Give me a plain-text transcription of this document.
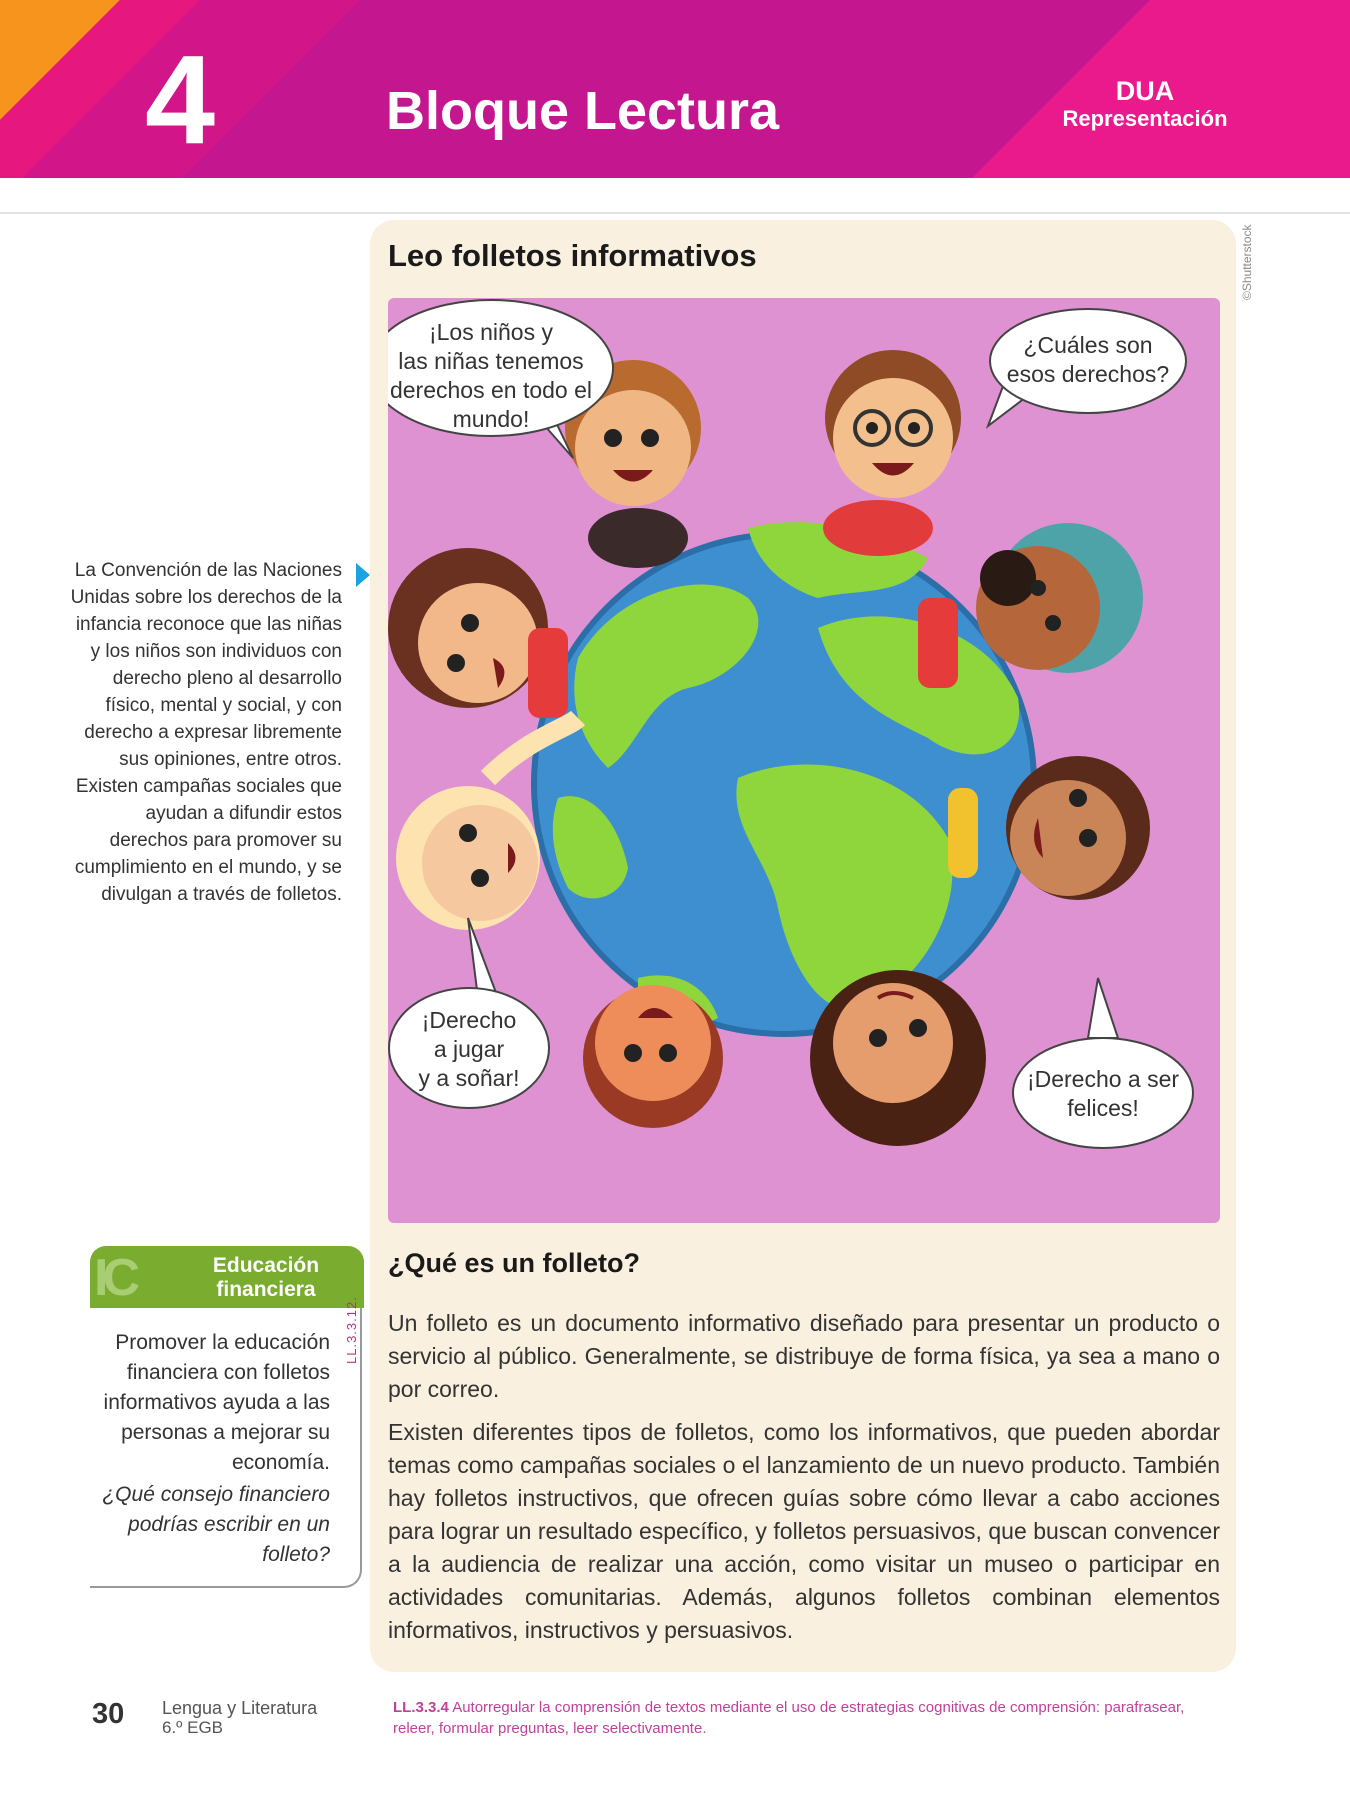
4	Bloque Lectura	DUA
Representación
Leo folletos informativos	©Shutterstock
¡Los niños y
las niñas tenemos
derechos en todo el
mundo!
¿Cuáles son
esos derechos?
¡Derecho
a jugar
y a soñar!	¡Derecho a ser
felices!
La Convención de las Naciones Unidas sobre los derechos de la infancia reconoce que las niñas y los niños son individuos con derecho pleno al desarrollo físico, mental y social, y con derecho a expresar libremente sus opiniones, entre otros. Existen campañas sociales que ayudan a difundir estos derechos para promover su cumplimiento en el mundo, y se divulgan a través de folletos.
IC	Educación
financiera
Promover la educación financiera con folletos informativos ayuda a las personas a mejorar su economía.
¿Qué consejo financiero podrías escribir en un folleto?
LL.3.3.12.
¿Qué es un folleto?
Un folleto es un documento informativo diseñado para presentar un producto o servicio al público. Generalmente, se distribuye de forma física, ya sea a mano o por correo.
Existen diferentes tipos de folletos, como los informativos, que pueden abordar temas como campañas sociales o el lanzamiento de un nuevo producto. También hay folletos instructivos, que ofrecen guías sobre cómo llevar a cabo acciones para lograr un resultado específico, y folletos persuasivos, que buscan convencer a la audiencia de realizar una acción, como visitar un museo o participar en actividades comunitarias. Además, algunos folletos combinan elementos informativos, instructivos y persuasivos.
30 Lengua y Literatura
6.º EGB
LL.3.3.4 Autorregular la comprensión de textos mediante el uso de estrategias cognitivas de comprensión: parafrasear, releer, formular preguntas, leer selectivamente.
